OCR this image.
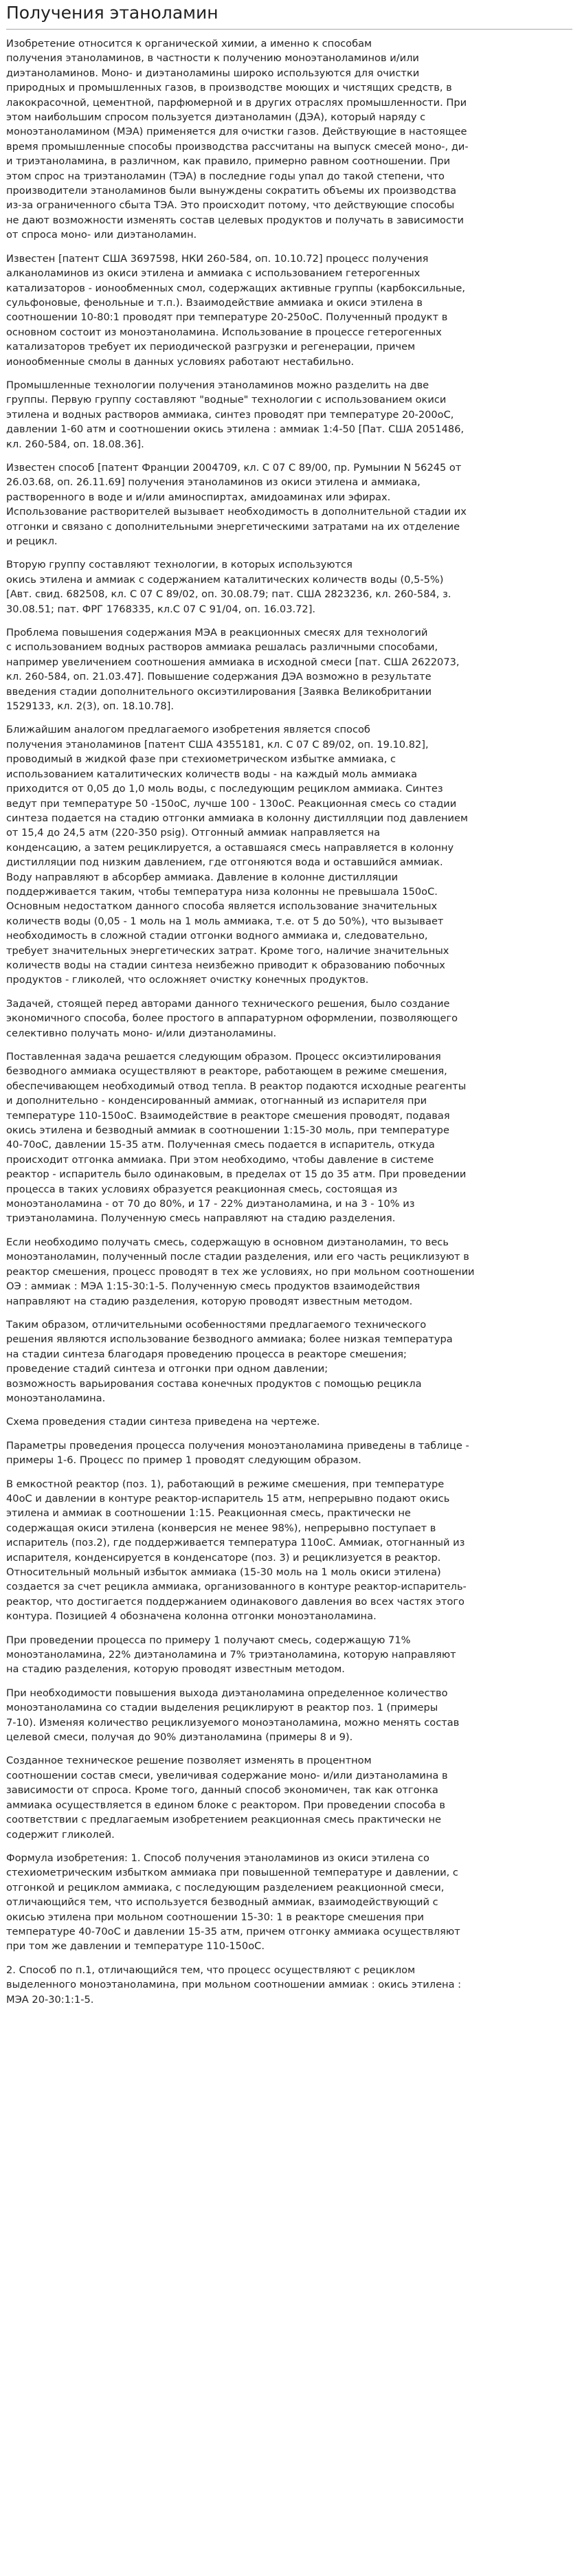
Получения этаноламин

Изобретение относится к органической химии, а именно к способам
получения этаноламинов, в частности к получению моноэтаноламинов и/или
диэтаноламинов. Моно- и диэтаноламины широко используются для очистки
природных и промышленных газов, в производстве моющих и чистящих средств, в
лакокрасочной, цементной, парфюмерной и в других отраслях промышленности. При
этом наибольшим спросом пользуется диэтаноламин (ДЭА), который наряду с
моноэтаноламином (МЭА) применяется для очистки газов. Действующие в настоящее
время промышленные способы производства рассчитаны на выпуск смесей моно-, ди-
и триэтаноламина, в различном, как правило, примерно равном соотношении. При
этом спрос на триэтаноламин (ТЭА) в последние годы упал до такой степени, что
производители этаноламинов были вынуждены сократить объемы их производства
из-за ограниченного сбыта ТЭА. Это происходит потому, что действующие способы
не дают возможности изменять состав целевых продуктов и получать в зависимости
от спроса моно- или диэтаноламин.

Известен [патент США 3697598, НКИ 260-584, оп. 10.10.72] процесс получения
алканоламинов из окиси этилена и аммиака с использованием гетерогенных
катализаторов - ионообменных смол, содержащих активные группы (карбоксильные,
сульфоновые, фенольные и т.п.). Взаимодействие аммиака и окиси этилена в
соотношении 10-80:1 проводят при температуре 20-250оС. Полученный продукт в
основном состоит из моноэтаноламина. Использование в процессе гетерогенных
катализаторов требует их периодической разгрузки и регенерации, причем
ионообменные смолы в данных условиях работают нестабильно.

Промышленные технологии получения этаноламинов можно разделить на две
группы. Первую группу составляют "водные" технологии с использованием окиси
этилена и водных растворов аммиака, синтез проводят при температуре 20-200оС,
давлении 1-60 атм и соотношении окись этилена : аммиак 1:4-50 [Пат. США 2051486,
кл. 260-584, оп. 18.08.36].

Известен способ [патент Франции 2004709, кл. С 07 С 89/00, пр. Румынии N 56245 от
26.03.68, оп. 26.11.69] получения этаноламинов из окиси этилена и аммиака,
растворенного в воде и и/или аминоспиртах, амидоаминах или эфирах.
Использование растворителей вызывает необходимость в дополнительной стадии их
отгонки и связано с дополнительными энергетическими затратами на их отделение
и рецикл.

Вторую группу составляют технологии, в которых используются
окись этилена и аммиак с содержанием каталитических количеств воды (0,5-5%)
[Авт. свид. 682508, кл. С 07 С 89/02, оп. 30.08.79; пат. США 2823236, кл. 260-584, з.
30.08.51; пат. ФРГ 1768335, кл.С 07 С 91/04, оп. 16.03.72].

Проблема повышения содержания МЭА в реакционных смесях для технологий
с использованием водных растворов аммиака решалась различными способами,
например увеличением соотношения аммиака в исходной смеси [пат. США 2622073,
кл. 260-584, оп. 21.03.47]. Повышение содержания ДЭА возможно в результате
введения стадии дополнительного оксиэтилирования [Заявка Великобритании
1529133, кл. 2(3), оп. 18.10.78].

Ближайшим аналогом предлагаемого изобретения является способ
получения этаноламинов [патент США 4355181, кл. С 07 С 89/02, оп. 19.10.82],
проводимый в жидкой фазе при стехиометрическом избытке аммиака, с
использованием каталитических количеств воды - на каждый моль аммиака
приходится от 0,05 до 1,0 моль воды, с последующим рециклом аммиака. Синтез
ведут при температуре 50 -150оС, лучше 100 - 130оС. Реакционная смесь со стадии
синтеза подается на стадию отгонки аммиака в колонну дистилляции под давлением
от 15,4 до 24,5 атм (220-350 psig). Отгонный аммиак направляется на
конденсацию, а затем рециклируется, а оставшаяся смесь направляется в колонну
дистилляции под низким давлением, где отгоняются вода и оставшийся аммиак.
Воду направляют в абсорбер аммиака. Давление в колонне дистилляции
поддерживается таким, чтобы температура низа колонны не превышала 150оС.
Основным недостатком данного способа является использование значительных
количеств воды (0,05 - 1 моль на 1 моль аммиака, т.е. от 5 до 50%), что вызывает
необходимость в сложной стадии отгонки водного аммиака и, следовательно,
требует значительных энергетических затрат. Кроме того, наличие значительных
количеств воды на стадии синтеза неизбежно приводит к образованию побочных
продуктов - гликолей, что осложняет очистку конечных продуктов.

Задачей, стоящей перед авторами данного технического решения, было создание
экономичного способа, более простого в аппаратурном оформлении, позволяющего
селективно получать моно- и/или диэтаноламины.

Поставленная задача решается следующим образом. Процесс оксиэтилирования
безводного аммиака осуществляют в реакторе, работающем в режиме смешения,
обеспечивающем необходимый отвод тепла. В реактор подаются исходные реагенты
и дополнительно - конденсированный аммиак, отогнанный из испарителя при
температуре 110-150оС. Взаимодействие в реакторе смешения проводят, подавая
окись этилена и безводный аммиак в соотношении 1:15-30 моль, при температуре
40-70оС, давлении 15-35 атм. Полученная смесь подается в испаритель, откуда
происходит отгонка аммиака. При этом необходимо, чтобы давление в системе
реактор - испаритель было одинаковым, в пределах от 15 до 35 атм. При проведении
процесса в таких условиях образуется реакционная смесь, состоящая из
моноэтаноламина - от 70 до 80%, и 17 - 22% диэтаноламина, и на 3 - 10% из
триэтаноламина. Полученную смесь направляют на стадию разделения.

Если необходимо получать смесь, содержащую в основном диэтаноламин, то весь
моноэтаноламин, полученный после стадии разделения, или его часть рециклизуют в
реактор смешения, процесс проводят в тех же условиях, но при мольном соотношении
ОЭ : аммиак : МЭА 1:15-30:1-5. Полученную смесь продуктов взаимодействия
направляют на стадию разделения, которую проводят известным методом.

Таким образом, отличительными особенностями предлагаемого технического
решения являются использование безводного аммиака; более низкая температура
на стадии синтеза благодаря проведению процесса в реакторе смешения;
проведение стадий синтеза и отгонки при одном давлении;
возможность варьирования состава конечных продуктов с помощью рецикла
моноэтаноламина.

Схема проведения стадии синтеза приведена на чертеже.

Параметры проведения процесса получения моноэтаноламина приведены в таблице -
примеры 1-6. Процесс по пример 1 проводят следующим образом.

В емкостной реактор (поз. 1), работающий в режиме смешения, при температуре
40оС и давлении в контуре реактор-испаритель 15 атм, непрерывно подают окись
этилена и аммиак в соотношении 1:15. Реакционная смесь, практически не
содержащая окиси этилена (конверсия не менее 98%), непрерывно поступает в
испаритель (поз.2), где поддерживается температура 110оС. Аммиак, отогнанный из
испарителя, конденсируется в конденсаторе (поз. 3) и рециклизуется в реактор.
Относительный мольный избыток аммиака (15-30 моль на 1 моль окиси этилена)
создается за счет рецикла аммиака, организованного в контуре реактор-испаритель-
реактор, что достигается поддержанием одинакового давления во всех частях этого
контура. Позицией 4 обозначена колонна отгонки моноэтаноламина.

При проведении процесса по примеру 1 получают смесь, содержащую 71%
моноэтаноламина, 22% диэтаноламина и 7% триэтаноламина, которую направляют
на стадию разделения, которую проводят известным методом.

При необходимости повышения выхода диэтаноламина определенное количество
моноэтаноламина со стадии выделения рециклируют в реактор поз. 1 (примеры
7-10). Изменяя количество рециклизуемого моноэтаноламина, можно менять состав
целевой смеси, получая до 90% диэтаноламина (примеры 8 и 9).

Созданное техническое решение позволяет изменять в процентном
соотношении состав смеси, увеличивая содержание моно- и/или диэтаноламина в
зависимости от спроса. Кроме того, данный способ экономичен, так как отгонка
аммиака осуществляется в едином блоке с реактором. При проведении способа в
соответствии с предлагаемым изобретением реакционная смесь практически не
содержит гликолей.

Формула изобретения: 1. Способ получения этаноламинов из окиси этилена со
стехиометрическим избытком аммиака при повышенной температуре и давлении, с
отгонкой и рециклом аммиака, с последующим разделением реакционной смеси,
отличающийся тем, что используется безводный аммиак, взаимодействующий с
окисью этилена при мольном соотношении 15-30: 1 в реакторе смешения при
температуре 40-70оС и давлении 15-35 атм, причем отгонку аммиака осуществляют
при том же давлении и температуре 110-150оС.

2. Способ по п.1, отличающийся тем, что процесс осуществляют с рециклом
выделенного моноэтаноламина, при мольном соотношении аммиак : окись этилена :
МЭА 20-30:1:1-5.
